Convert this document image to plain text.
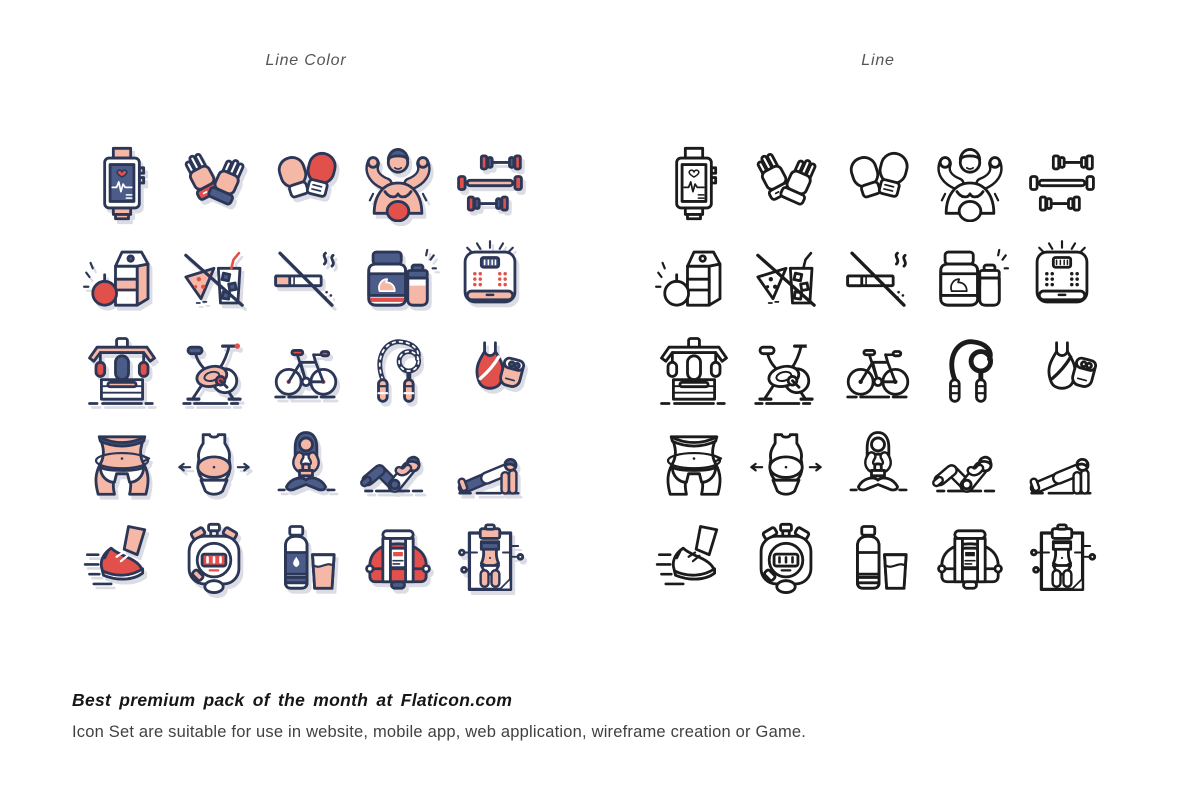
Line Color	Line

Best premium pack of the month at Flaticon.com

Icon Set are suitable for use in website, mobile app, web application, wireframe creation or Game.
